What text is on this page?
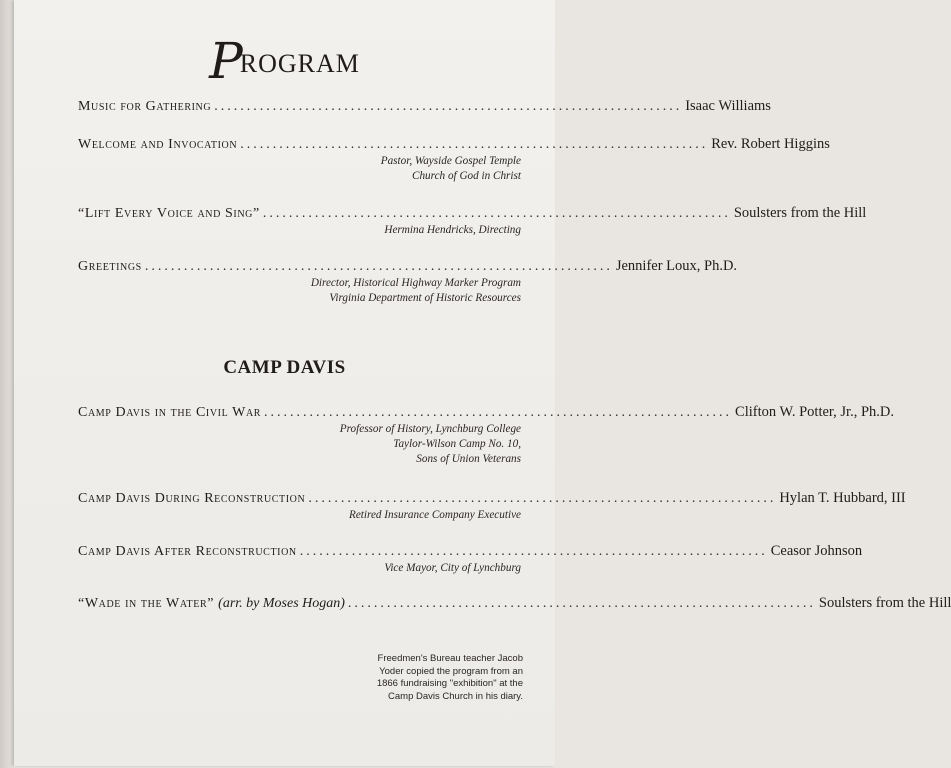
PROGRAM
Music for Gathering ........................................................................ Isaac Williams
Welcome and Invocation ........................................................................ Rev. Robert Higgins
Pastor, Wayside Gospel Temple
Church of God in Christ
“Lift Every Voice and Sing” ........................................................................ Soulsters from the Hill
Hermina Hendricks, Directing
Greetings ........................................................................ Jennifer Loux, Ph.D.
Director, Historical Highway Marker Program
Virginia Department of Historic Resources
CAMP DAVIS
Camp Davis in the Civil War ........................................................................ Clifton W. Potter, Jr., Ph.D.
Professor of History, Lynchburg College
Taylor-Wilson Camp No. 10,
Sons of Union Veterans
Camp Davis During Reconstruction ........................................................................ Hylan T. Hubbard, III
Retired Insurance Company Executive
Camp Davis After Reconstruction ........................................................................ Ceasor Johnson
Vice Mayor, City of Lynchburg
“Wade in the Water” (arr. by Moses Hogan) ........................................................................ Soulsters from the Hill
Freedmen's Bureau teacher Jacob Yoder copied the program from an 1866 fundraising "exhibition" at the Camp Davis Church in his diary.
